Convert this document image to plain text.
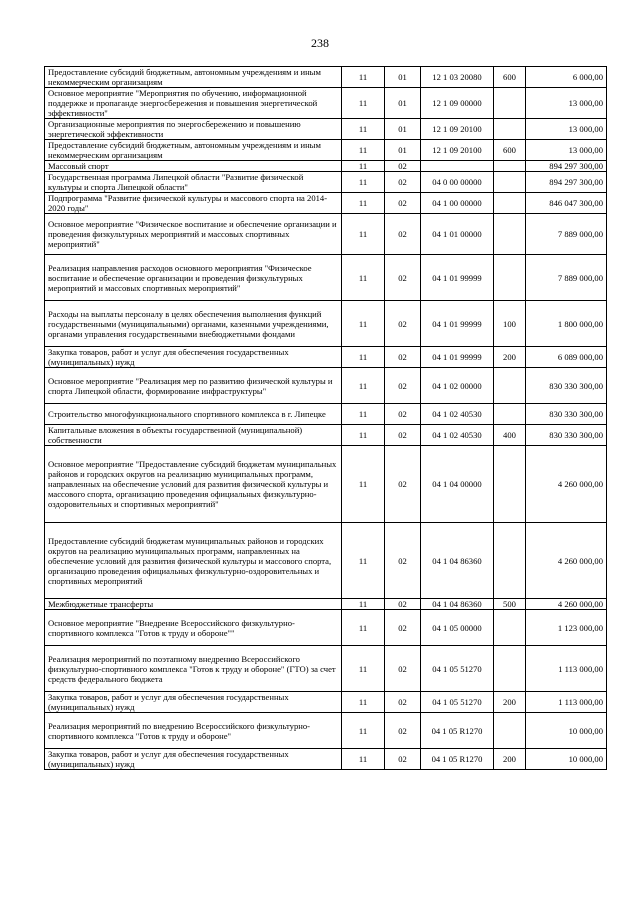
238
Предоставление субсидий бюджетным, автономным учреждениям и иным некоммерческим организациям	11	01	12 1 03 20080	600	6 000,00
Основное мероприятие "Мероприятия по обучению, информационной поддержке и пропаганде энергосбережения и повышения энергетической эффективности"	11	01	12 1 09 00000		13 000,00
Организационные мероприятия по энергосбережению и повышению энергетической эффективности	11	01	12 1 09 20100		13 000,00
Предоставление субсидий бюджетным, автономным учреждениям и иным некоммерческим организациям	11	01	12 1 09 20100	600	13 000,00
Массовый спорт	11	02			894 297 300,00
Государственная программа Липецкой области "Развитие физической культуры и спорта Липецкой области"	11	02	04 0 00 00000		894 297 300,00
Подпрограмма "Развитие физической культуры и массового спорта на 2014-2020 годы"	11	02	04 1 00 00000		846 047 300,00
Основное мероприятие "Физическое воспитание и обеспечение организации и проведения физкультурных мероприятий и массовых спортивных мероприятий"	11	02	04 1 01 00000		7 889 000,00
Реализация направления расходов основного мероприятия "Физическое воспитание и обеспечение организации и проведения физкультурных мероприятий и массовых спортивных мероприятий"	11	02	04 1 01 99999		7 889 000,00
Расходы на выплаты персоналу в целях обеспечения выполнения функций государственными (муниципальными) органами, казенными учреждениями, органами управления государственными внебюджетными фондами	11	02	04 1 01 99999	100	1 800 000,00
Закупка товаров, работ и услуг для обеспечения государственных (муниципальных) нужд	11	02	04 1 01 99999	200	6 089 000,00
Основное мероприятие "Реализация мер по развитию физической культуры и спорта Липецкой области, формирование инфраструктуры"	11	02	04 1 02 00000		830 330 300,00
Строительство многофункционального спортивного комплекса в г. Липецке	11	02	04 1 02 40530		830 330 300,00
Капитальные вложения в объекты государственной (муниципальной) собственности	11	02	04 1 02 40530	400	830 330 300,00
Основное мероприятие "Предоставление субсидий бюджетам муниципальных районов и городских округов на реализацию муниципальных программ, направленных на обеспечение условий для развития физической культуры и массового спорта, организацию проведения официальных физкультурно-оздоровительных и спортивных мероприятий"	11	02	04 1 04 00000		4 260 000,00
Предоставление субсидий бюджетам муниципальных районов и городских округов на реализацию муниципальных программ, направленных на обеспечение условий для развития физической культуры и массового спорта, организацию проведения официальных физкультурно-оздоровительных и спортивных мероприятий	11	02	04 1 04 86360		4 260 000,00
Межбюджетные трансферты	11	02	04 1 04 86360	500	4 260 000,00
Основное мероприятие "Внедрение Всероссийского физкультурно-спортивного комплекса "Готов к труду и обороне""	11	02	04 1 05 00000		1 123 000,00
Реализация мероприятий по поэтапному внедрению Всероссийского физкультурно-спортивного комплекса "Готов к труду и обороне" (ГТО) за счет средств федерального бюджета	11	02	04 1 05 51270		1 113 000,00
Закупка товаров, работ и услуг для обеспечения государственных (муниципальных) нужд	11	02	04 1 05 51270	200	1 113 000,00
Реализация мероприятий по внедрению Всероссийского физкультурно-спортивного комплекса "Готов к труду и обороне"	11	02	04 1 05 R1270		10 000,00
Закупка товаров, работ и услуг для обеспечения государственных (муниципальных) нужд	11	02	04 1 05 R1270	200	10 000,00
